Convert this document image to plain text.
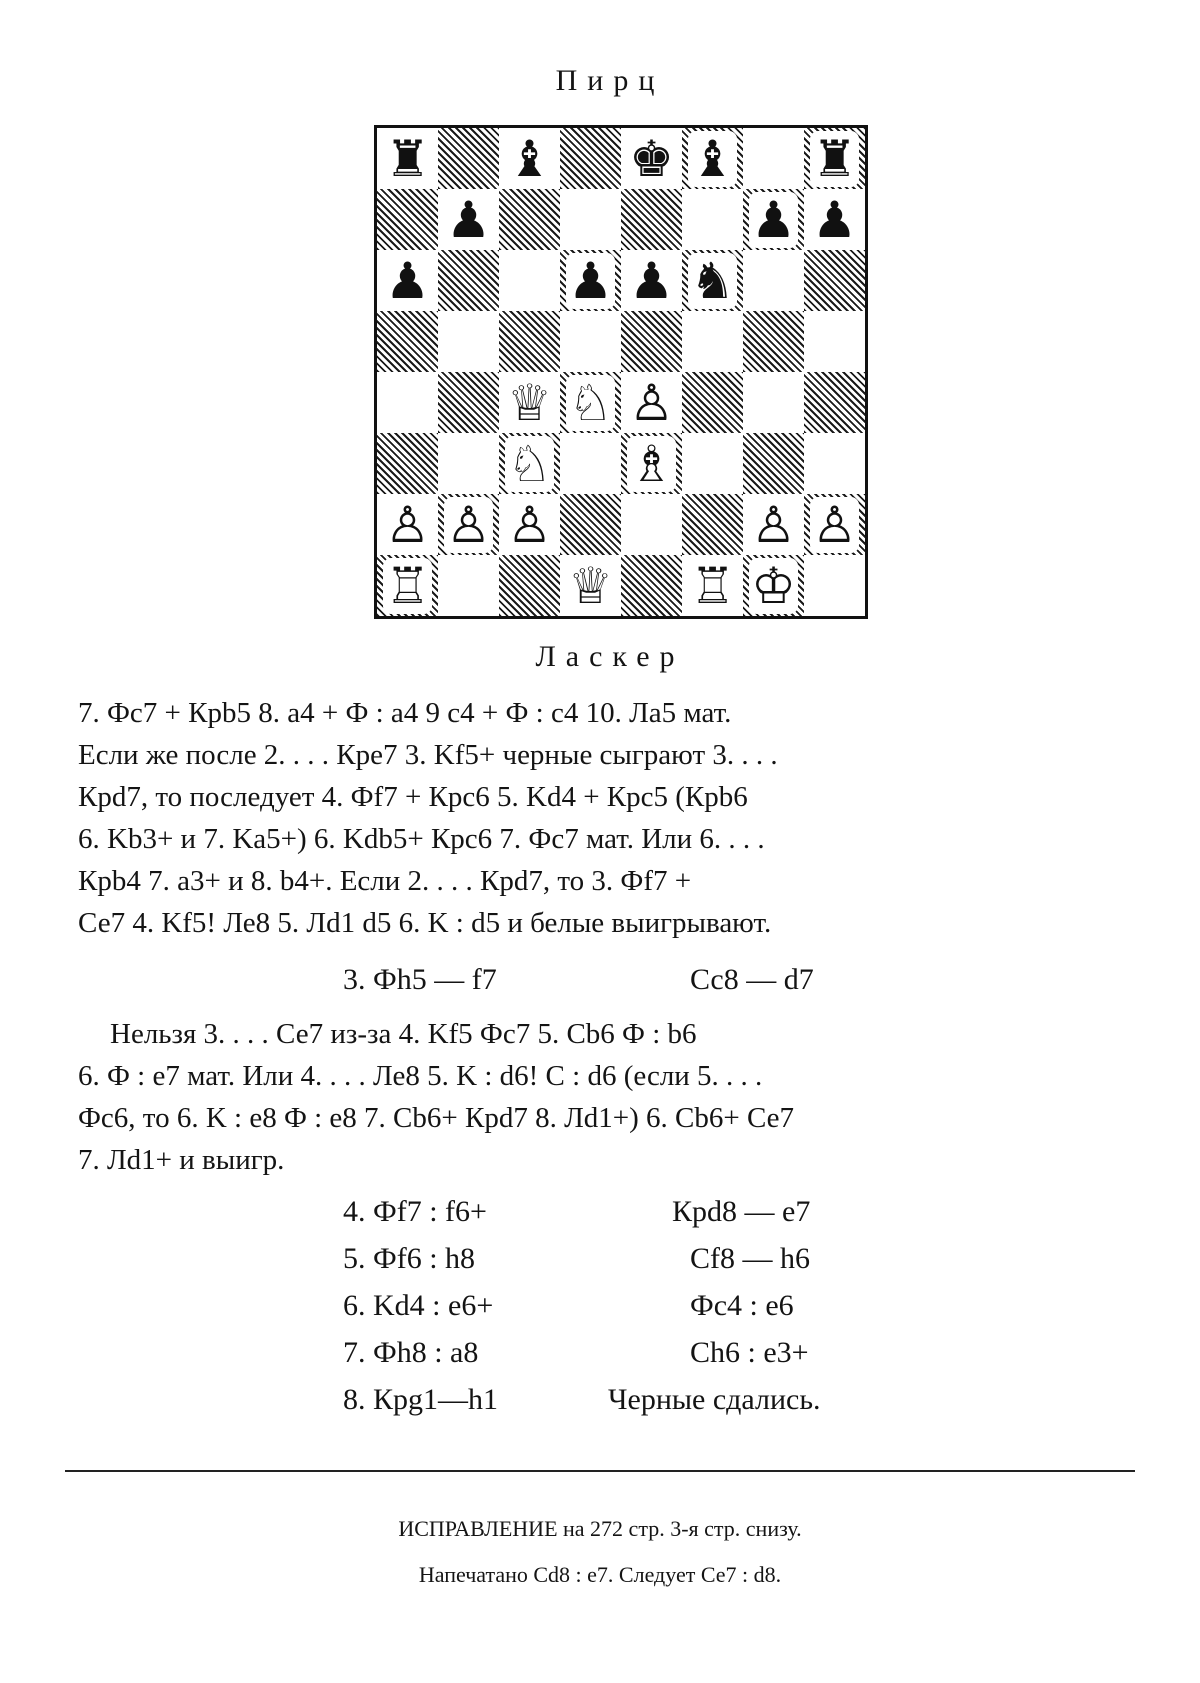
Пирц
♜ ♝ ♚ ♝ ♜
♟	♟ ♟
♟	♟ ♟ ♞
♕ ♘ ♙
♘ ♗
♙ ♙ ♙	♙ ♙
♖	♕ ♖ ♔
Ласкер

7. Фс7 + Крb5 8. a4 + Ф : a4 9 c4 + Ф : c4 10. Лa5 мат.

Если же после 2. . . . Кре7 3. Kf5+ черные сыграют 3. . . .

Крd7, то последует 4. Фf7 + Крс6 5. Kd4 + Крс5 (Крb6

6. Kb3+ и 7. Ka5+) 6. Kdb5+ Крс6 7. Фс7 мат. Или 6. . . .

Крb4 7. a3+ и 8. b4+. Если 2. . . . Крd7, то 3. Фf7 +

Се7 4. Kf5! Ле8 5. Лd1 d5 6. K : d5 и белые выигрывают.

3. Фh5 — f7	Сс8 — d7

Нельзя 3. . . . Се7 из-за 4. Kf5 Фс7 5. Cb6 Ф : b6

6. Ф : e7 мат. Или 4. . . . Ле8 5. K : d6! C : d6 (если 5. . . .

Фс6, то 6. K : e8 Ф : e8 7. Cb6+ Крd7 8. Лd1+) 6. Cb6+ Се7

7. Лd1+ и выигр.

4. Фf7 : f6+	Крd8 — e7
5. Фf6 : h8	Cf8 — h6
6. Kd4 : e6+	Фс4 : e6
7. Фh8 : a8	Ch6 : e3+
8. Крg1—h1	Черные сдались.
ИСПРАВЛЕНИЕ на 272 стр. 3-я стр. снизу.
Напечатано Cd8 : e7. Следует Се7 : d8.
